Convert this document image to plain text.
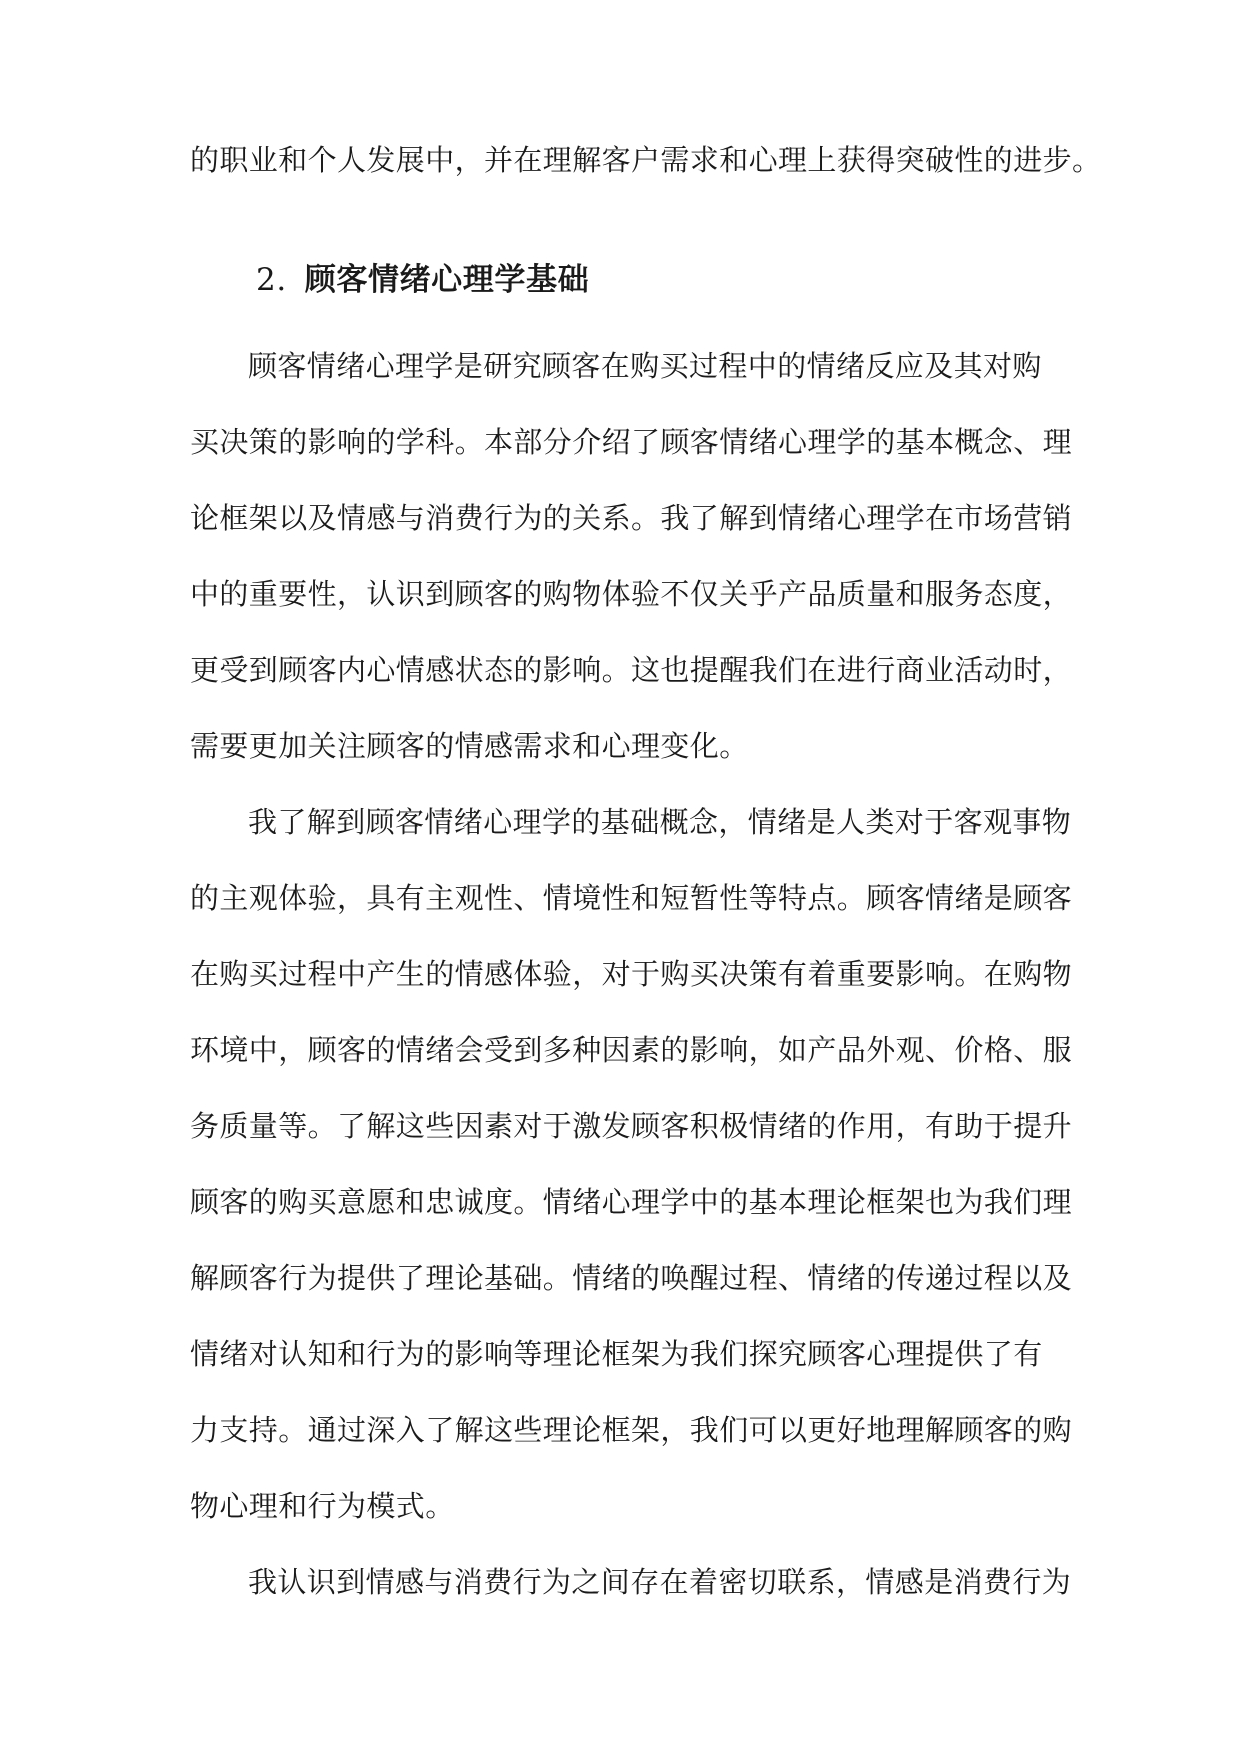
的职业和个人发展中，并在理解客户需求和心理上获得突破性的进步。
2. 顾客情绪心理学基础
顾客情绪心理学是研究顾客在购买过程中的情绪反应及其对购
买决策的影响的学科。本部分介绍了顾客情绪心理学的基本概念、理
论框架以及情感与消费行为的关系。我了解到情绪心理学在市场营销
中的重要性，认识到顾客的购物体验不仅关乎产品质量和服务态度，
更受到顾客内心情感状态的影响。这也提醒我们在进行商业活动时，
需要更加关注顾客的情感需求和心理变化。
我了解到顾客情绪心理学的基础概念，情绪是人类对于客观事物
的主观体验，具有主观性、情境性和短暂性等特点。顾客情绪是顾客
在购买过程中产生的情感体验，对于购买决策有着重要影响。在购物
环境中，顾客的情绪会受到多种因素的影响，如产品外观、价格、服
务质量等。了解这些因素对于激发顾客积极情绪的作用，有助于提升
顾客的购买意愿和忠诚度。情绪心理学中的基本理论框架也为我们理
解顾客行为提供了理论基础。情绪的唤醒过程、情绪的传递过程以及
情绪对认知和行为的影响等理论框架为我们探究顾客心理提供了有
力支持。通过深入了解这些理论框架，我们可以更好地理解顾客的购
物心理和行为模式。
我认识到情感与消费行为之间存在着密切联系，情感是消费行为
